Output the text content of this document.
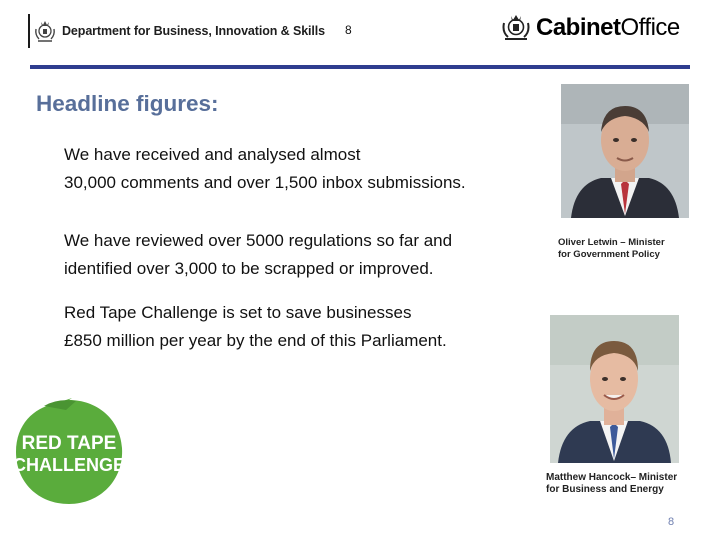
Department for Business, Innovation & Skills 8	CabinetOffice
Headline figures:
We have received and analysed almost
30,000 comments and over 1,500 inbox submissions.
We have reviewed over 5000 regulations so far and
identified over 3,000 to be scrapped or improved.
Red Tape Challenge is set to save businesses
£850 million per year by the end of this Parliament.
Oliver Letwin – Minister
for Government Policy
Matthew Hancock– Minister
for Business and Energy
RED TAPE
CHALLENGE
8
